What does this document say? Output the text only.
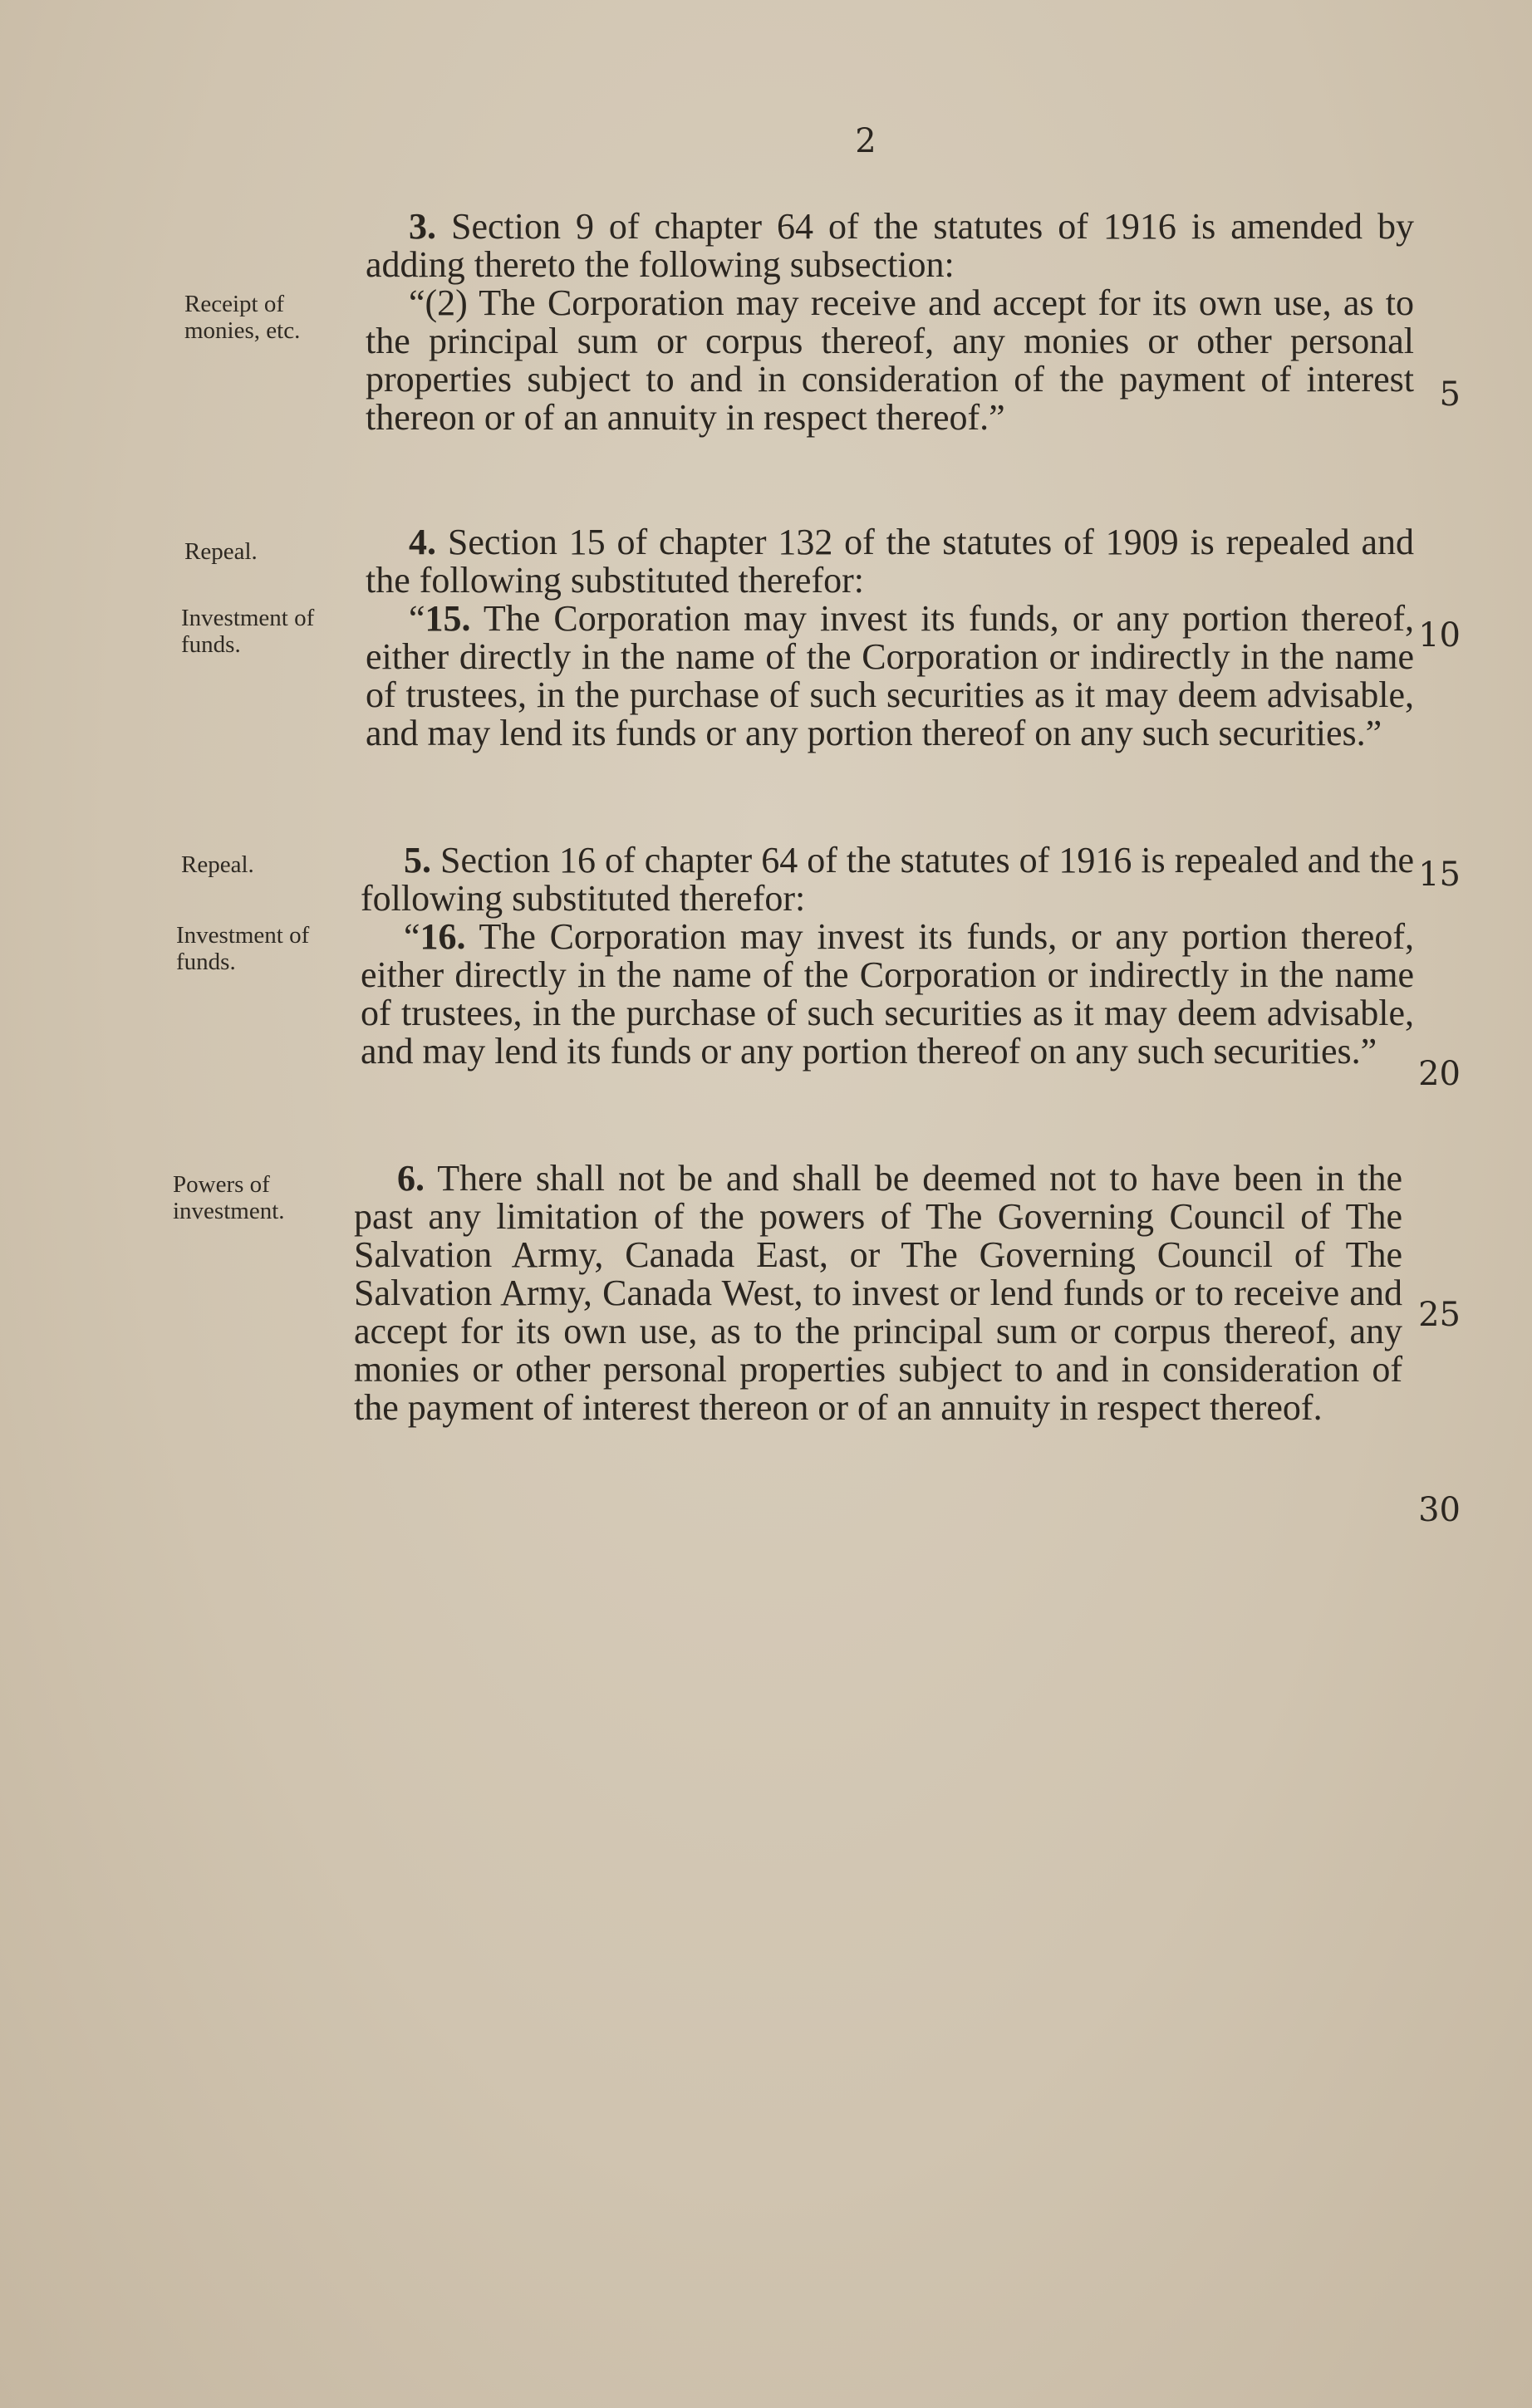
2
Receipt of monies, etc.
Repeal.
Investment of funds.
Repeal.
Investment of funds.
Powers of investment.
5
10
15
20
25
30

3. Section 9 of chapter 64 of the statutes of 1916 is amended by adding thereto the following subsection:

“(2) The Corporation may receive and accept for its own use, as to the principal sum or corpus thereof, any monies or other personal properties subject to and in consideration of the payment of interest thereon or of an annuity in respect thereof.”

4. Section 15 of chapter 132 of the statutes of 1909 is repealed and the following substituted therefor:

“15. The Corporation may invest its funds, or any portion thereof, either directly in the name of the Corporation or indirectly in the name of trustees, in the purchase of such securities as it may deem advisable, and may lend its funds or any portion thereof on any such securities.”

5. Section 16 of chapter 64 of the statutes of 1916 is repealed and the following substituted therefor:

“16. The Corporation may invest its funds, or any portion thereof, either directly in the name of the Corporation or indirectly in the name of trustees, in the purchase of such securities as it may deem advisable, and may lend its funds or any portion thereof on any such securities.”

6. There shall not be and shall be deemed not to have been in the past any limitation of the powers of The Governing Council of The Salvation Army, Canada East, or The Governing Council of The Salvation Army, Canada West, to invest or lend funds or to receive and accept for its own use, as to the principal sum or corpus thereof, any monies or other personal properties subject to and in consideration of the payment of interest thereon or of an annuity in respect thereof.
